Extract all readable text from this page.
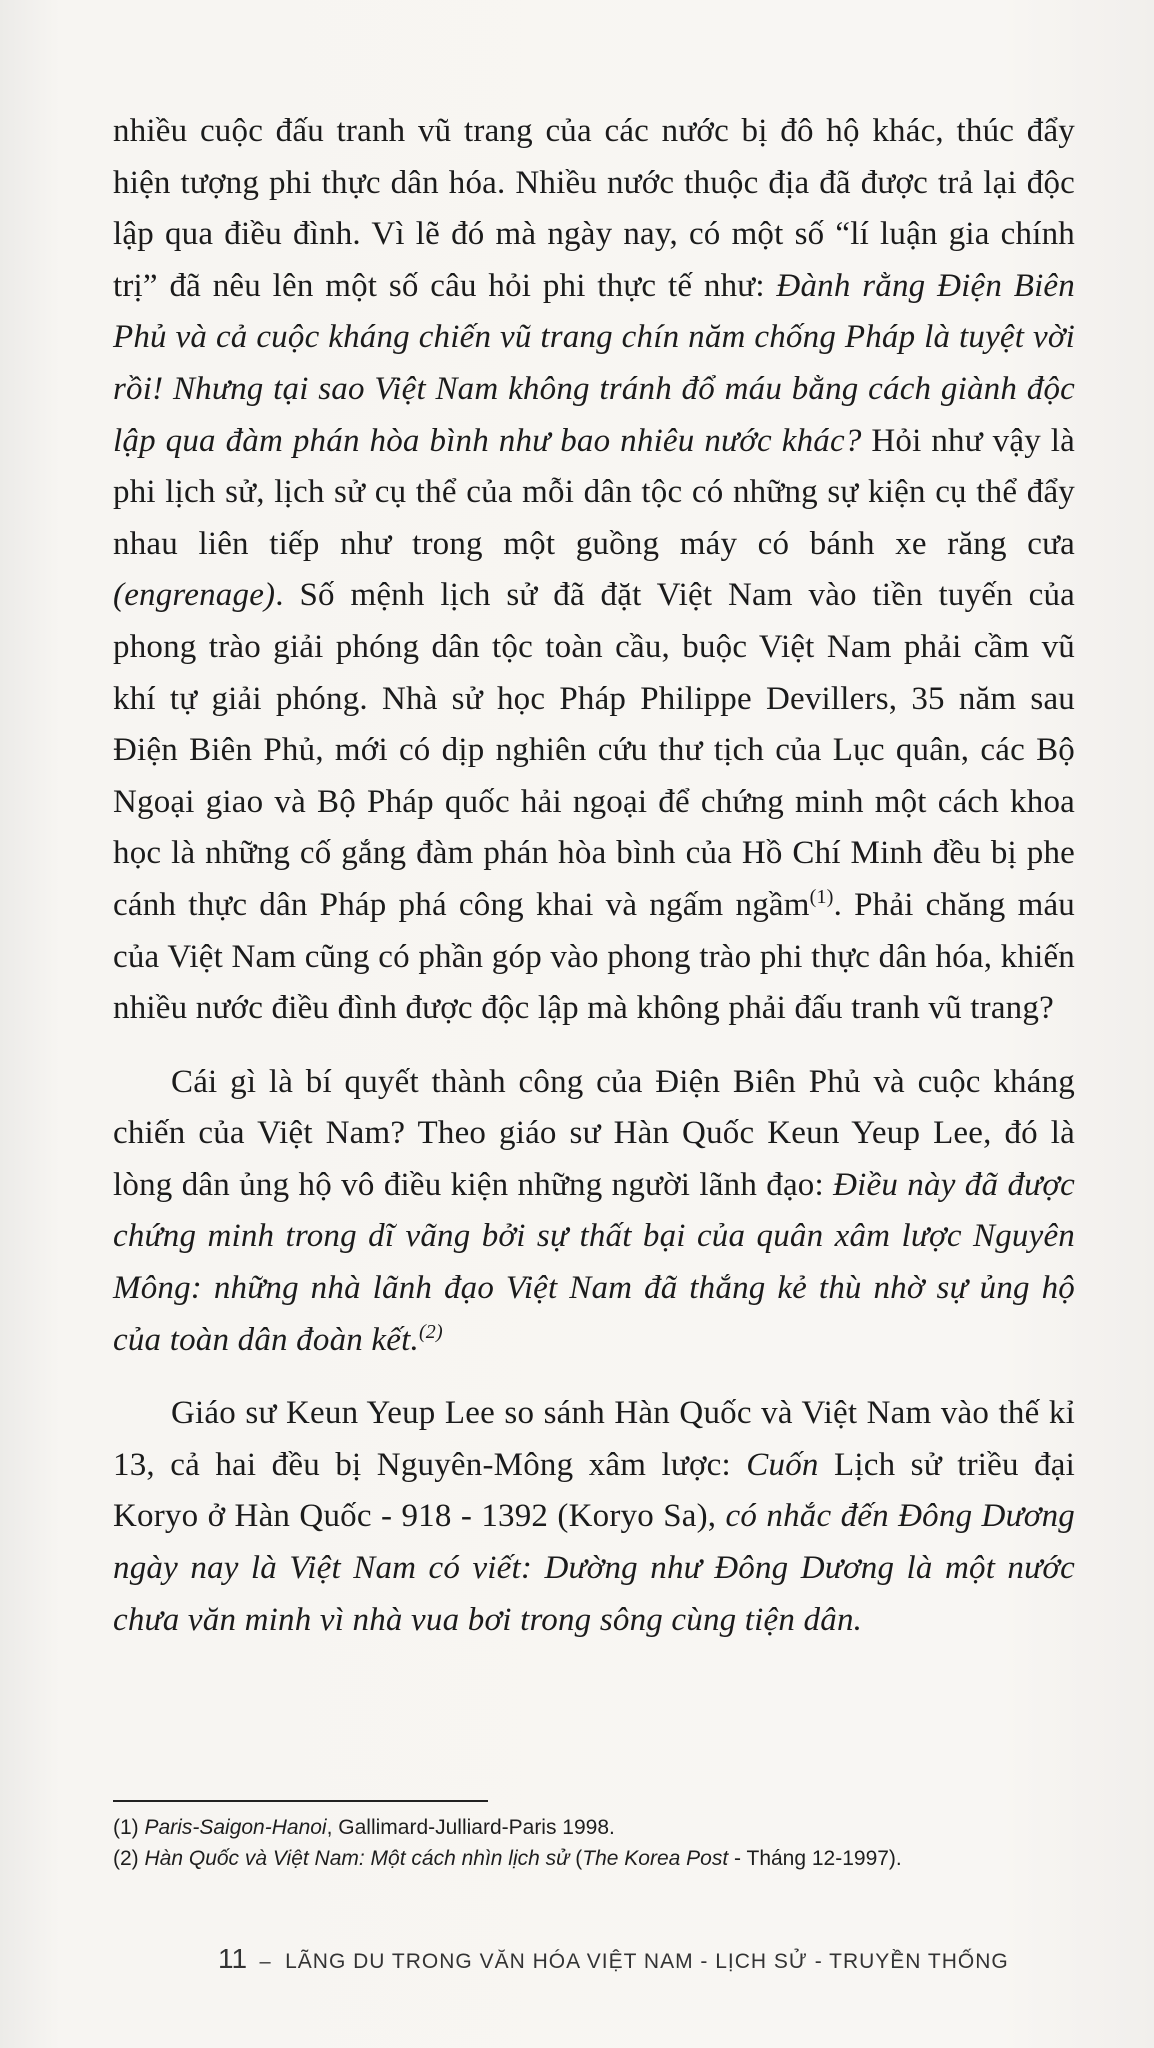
nhiều cuộc đấu tranh vũ trang của các nước bị đô hộ khác, thúc đẩy hiện tượng phi thực dân hóa. Nhiều nước thuộc địa đã được trả lại độc lập qua điều đình. Vì lẽ đó mà ngày nay, có một số “lí luận gia chính trị” đã nêu lên một số câu hỏi phi thực tế như: Đành rằng Điện Biên Phủ và cả cuộc kháng chiến vũ trang chín năm chống Pháp là tuyệt vời rồi! Nhưng tại sao Việt Nam không tránh đổ máu bằng cách giành độc lập qua đàm phán hòa bình như bao nhiêu nước khác? Hỏi như vậy là phi lịch sử, lịch sử cụ thể của mỗi dân tộc có những sự kiện cụ thể đẩy nhau liên tiếp như trong một guồng máy có bánh xe răng cưa (engrenage). Số mệnh lịch sử đã đặt Việt Nam vào tiền tuyến của phong trào giải phóng dân tộc toàn cầu, buộc Việt Nam phải cầm vũ khí tự giải phóng. Nhà sử học Pháp Philippe Devillers, 35 năm sau Điện Biên Phủ, mới có dịp nghiên cứu thư tịch của Lục quân, các Bộ Ngoại giao và Bộ Pháp quốc hải ngoại để chứng minh một cách khoa học là những cố gắng đàm phán hòa bình của Hồ Chí Minh đều bị phe cánh thực dân Pháp phá công khai và ngấm ngầm$^{(1)}$. Phải chăng máu của Việt Nam cũng có phần góp vào phong trào phi thực dân hóa, khiến nhiều nước điều đình được độc lập mà không phải đấu tranh vũ trang?

Cái gì là bí quyết thành công của Điện Biên Phủ và cuộc kháng chiến của Việt Nam? Theo giáo sư Hàn Quốc Keun Yeup Lee, đó là lòng dân ủng hộ vô điều kiện những người lãnh đạo: Điều này đã được chứng minh trong dĩ vãng bởi sự thất bại của quân xâm lược Nguyên Mông: những nhà lãnh đạo Việt Nam đã thắng kẻ thù nhờ sự ủng hộ của toàn dân đoàn kết.$^{(2)}$

Giáo sư Keun Yeup Lee so sánh Hàn Quốc và Việt Nam vào thế kỉ 13, cả hai đều bị Nguyên-Mông xâm lược: Cuốn Lịch sử triều đại Koryo ở Hàn Quốc - 918 - 1392 (Koryo Sa), có nhắc đến Đông Dương ngày nay là Việt Nam có viết: Dường như Đông Dương là một nước chưa văn minh vì nhà vua bơi trong sông cùng tiện dân.

(1) Paris-Saigon-Hanoi, Gallimard-Julliard-Paris 1998.
(2) Hàn Quốc và Việt Nam: Một cách nhìn lịch sử (The Korea Post - Tháng 12-1997).
11 – LÃNG DU TRONG VĂN HÓA VIỆT NAM - LỊCH SỬ - TRUYỀN THỐNG
